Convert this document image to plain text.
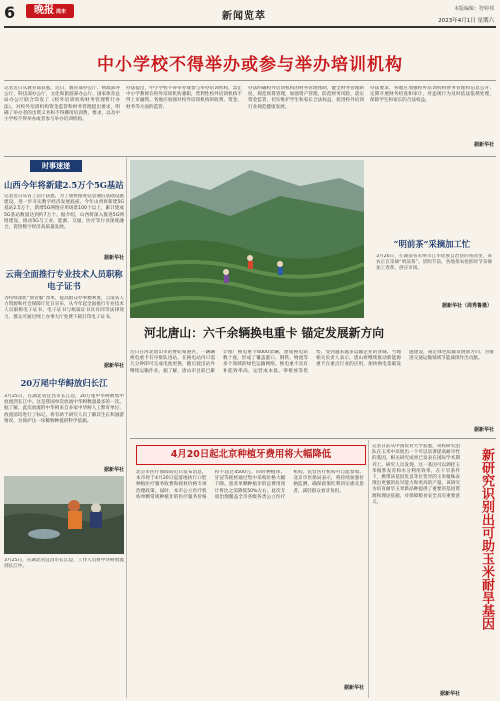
6	晚报 周末	新闻览萃
本版编辑：符婷邦
2023年4月1日 星期六
中小学校不得举办或参与举办培训机构
记者近日从教育部获悉，近日，教育部办公厅、财政部办公厅、科技部办公厅、文化和旅游部办公厅、国家体育总局办公厅联合印发了《校外培训机构财务管理暂行办法》，对校外培训机构资金监管和财务管理提出要求，明确了举办者的出资义务和不得挪用培训费，要求，以及中小学校不得举办或者参与举办培训机构。
办法提出，中小学校不得举办或参与举办培训机构，禁止中小学教师在校外培训机构兼职，营利性校外培训机构不得上市融资。各地应加强对校外培训机构的收费、资金、财务等方面的监管。
办法明确校外培训机构的财务管理体制，健全财务管理制度，规范预算管理，加强资产管理，防范财务风险，落实资金监管，切实维护学生和家长合法权益，促进校外培训行业规范健康发展。
办法要求，各地应加强校外培训机构财务管理和信息公开，定期开展财务检查和审计，对违规行为及时依法依规处理，保障学生和家长的合法权益。
据新华社
时事速递
山西今年将新建2.5万个5G基站
记者近日从省工信厅获悉，为了加快推进信息通信基础设施建设，进一步夯实数字经济发展底座，今年山西将新建5G基站2.5万个，新增5G网络应用场景100个以上，累计建成5G基站数量达到约7万个。据介绍，山西将深入推进5G网络建设，推动5G与工业、能源、交通、医疗等行业深度融合，促进数字经济高质量发展。
据新华社
云南全面推行专业技术人员职称电子证书
为持续深化“放管服”改革，提高群众办事便利度，云南省人力资源和社会保障厅近日宣布，从今年起全面推行专业技术人员职称电子证书，电子证书与纸质证书具有同等法律效力。群众可通过网上办事大厅免费下载打印电子证书。
据新华社
20万尾中华鲟放归长江
3月25日，在湖北省宜昌市长江边，20万尾中华鲟被集中放流到长江中。这是我国单次放流中华鲟数量最多的一次。据了解，此次放流的中华鲟来自多家中华鲟人工繁育单位，放流前均进行了标记，将有助于研究人员了解其生长和洄游情况，为保护这一珍稀物种提供科学依据。
据新华社
3月25日，在湖北省宜昌市长江边，工作人员将中华鲟放流到长江中。
“明前茶”采摘加工忙
3月26日，在湖南省永州市江华瑶族自治县的茶园里，茶农正在采摘“明前茶”。清明节前，各地茶农抢抓时节采摘加工春茶，供应市场。
据新华社（周秀鲁摄）
河北唐山：六千余辆换电重卡 锚定发展新方向
近日在河北唐山市的曹妃甸港区，一辆辆换电重卡有序排队进站，在换电站内只需几分钟即可完成电池更换，随后驶出站外继续运输作业。据了解，唐山市目前已累计推广换电重卡6000余辆，建成换电站数十座，形成了覆盖港口、钢铁、物流等多个领域的绿色运输网络。换电重卡具有补能效率高、运营成本低、零排放等优势，受到越来越多运输企业的青睐。当地相关负责人表示，唐山将继续推动新能源重卡在重点行业的应用，加快换电基础设施建设，锚定绿色低碳发展新方向，为推进交通运输领域节能减排作出贡献。
据新华社
4月20日起北京种植牙费用将大幅降低
北京市医疗保障局近日发布消息，本市将于4月20日起落地执行口腔种植医疗服务收费和耗材价格专项治理政策。届时，本市公立医疗机构单颗常规种植牙的医疗服务价格将不超过4500元，同时种植体、牙冠等耗材通过集中采购价格大幅下降。患者单颗种植牙的总费用预计将比之前降低50%左右。此次专项治理覆盖全市各级各类公立医疗机构，民营医疗机构可自愿参加。北京市医保局表示，将持续加强价格监测，确保政策红利切实惠及患者，减轻群众看牙负担。
据新华社
记者日前从中国农业大学获悉，该校研究团队在玉米中识别出一个可以显著提高耐旱性的基因，相关研究成果已发表在国际学术期刊上。研究人员发现，这一基因可以调控玉米根系发育和水分利用效率，在干旱条件下，携带该基因优良等位变异的玉米植株表现出更强的抗旱能力和更高的产量。该研究为培育耐旱玉米新品种提供了重要的基因资源和理论依据，对保障粮食安全具有重要意义。	新研究识别出可助玉米耐旱基因
据新华社
